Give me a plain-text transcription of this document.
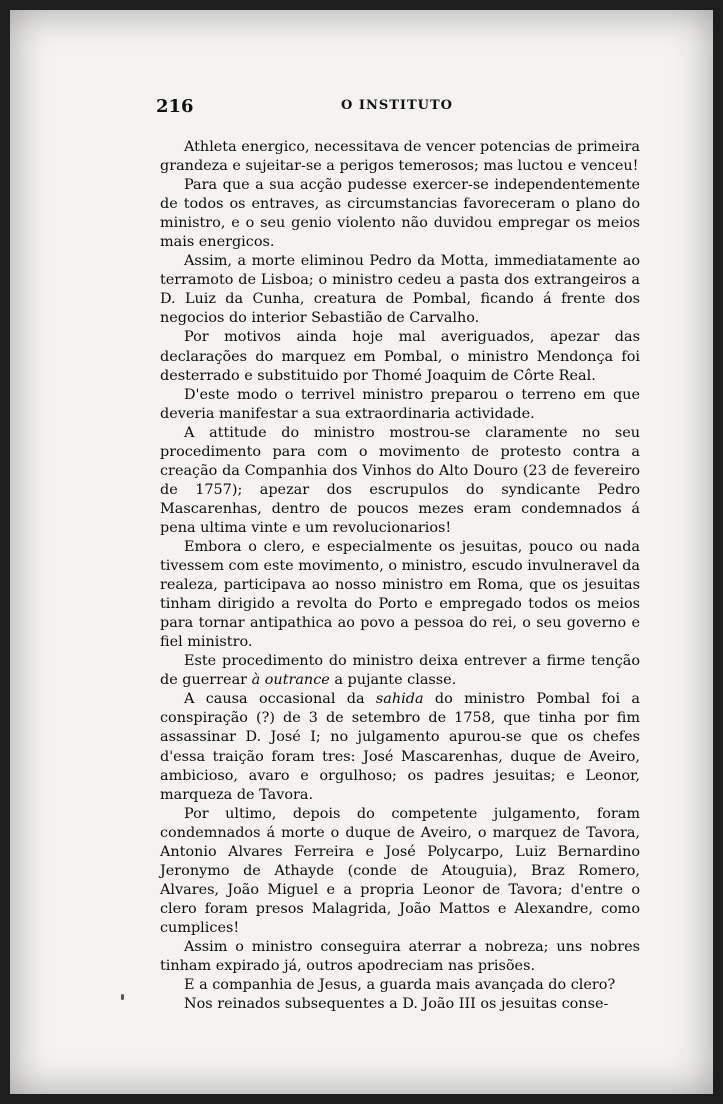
216	O INSTITUTO

Athleta energico, necessitava de vencer potencias de primeira grandeza e sujeitar-se a perigos temerosos; mas luctou e venceu!

Para que a sua acção pudesse exercer-se independentemente de todos os entraves, as circumstancias favoreceram o plano do ministro, e o seu genio violento não duvidou empregar os meios mais energicos.

Assim, a morte eliminou Pedro da Motta, immediatamente ao terramoto de Lisboa; o ministro cedeu a pasta dos extrangeiros a D. Luiz da Cunha, creatura de Pombal, ficando á frente dos negocios do interior Sebastião de Carvalho.

Por motivos ainda hoje mal averiguados, apezar das declarações do marquez em Pombal, o ministro Mendonça foi desterrado e substituido por Thomé Joaquim de Côrte Real.

D'este modo o terrivel ministro preparou o terreno em que deveria manifestar a sua extraordinaria actividade.

A attitude do ministro mostrou-se claramente no seu procedimento para com o movimento de protesto contra a creação da Companhia dos Vinhos do Alto Douro (23 de fevereiro de 1757); apezar dos escrupulos do syndicante Pedro Mascarenhas, dentro de poucos mezes eram condemnados á pena ultima vinte e um revolucionarios!

Embora o clero, e especialmente os jesuitas, pouco ou nada tivessem com este movimento, o ministro, escudo invulneravel da realeza, participava ao nosso ministro em Roma, que os jesuitas tinham dirigido a revolta do Porto e empregado todos os meios para tornar antipathica ao povo a pessoa do rei, o seu governo e fiel ministro.

Este procedimento do ministro deixa entrever a firme tenção de guerrear à outrance a pujante classe.

A causa occasional da sahida do ministro Pombal foi a conspiração (?) de 3 de setembro de 1758, que tinha por fim assassinar D. José I; no julgamento apurou-se que os chefes d'essa traição foram tres: José Mascarenhas, duque de Aveiro, ambicioso, avaro e orgulhoso; os padres jesuitas; e Leonor, marqueza de Tavora.

Por ultimo, depois do competente julgamento, foram condemnados á morte o duque de Aveiro, o marquez de Tavora, Antonio Alvares Ferreira e José Polycarpo, Luiz Bernardino Jeronymo de Athayde (conde de Atouguia), Braz Romero, Alvares, João Miguel e a propria Leonor de Tavora; d'entre o clero foram presos Malagrida, João Mattos e Alexandre, como cumplices!

Assim o ministro conseguira aterrar a nobreza; uns nobres tinham expirado já, outros apodreciam nas prisões.

E a companhia de Jesus, a guarda mais avançada do clero?

Nos reinados subsequentes a D. João III os jesuitas conse-
